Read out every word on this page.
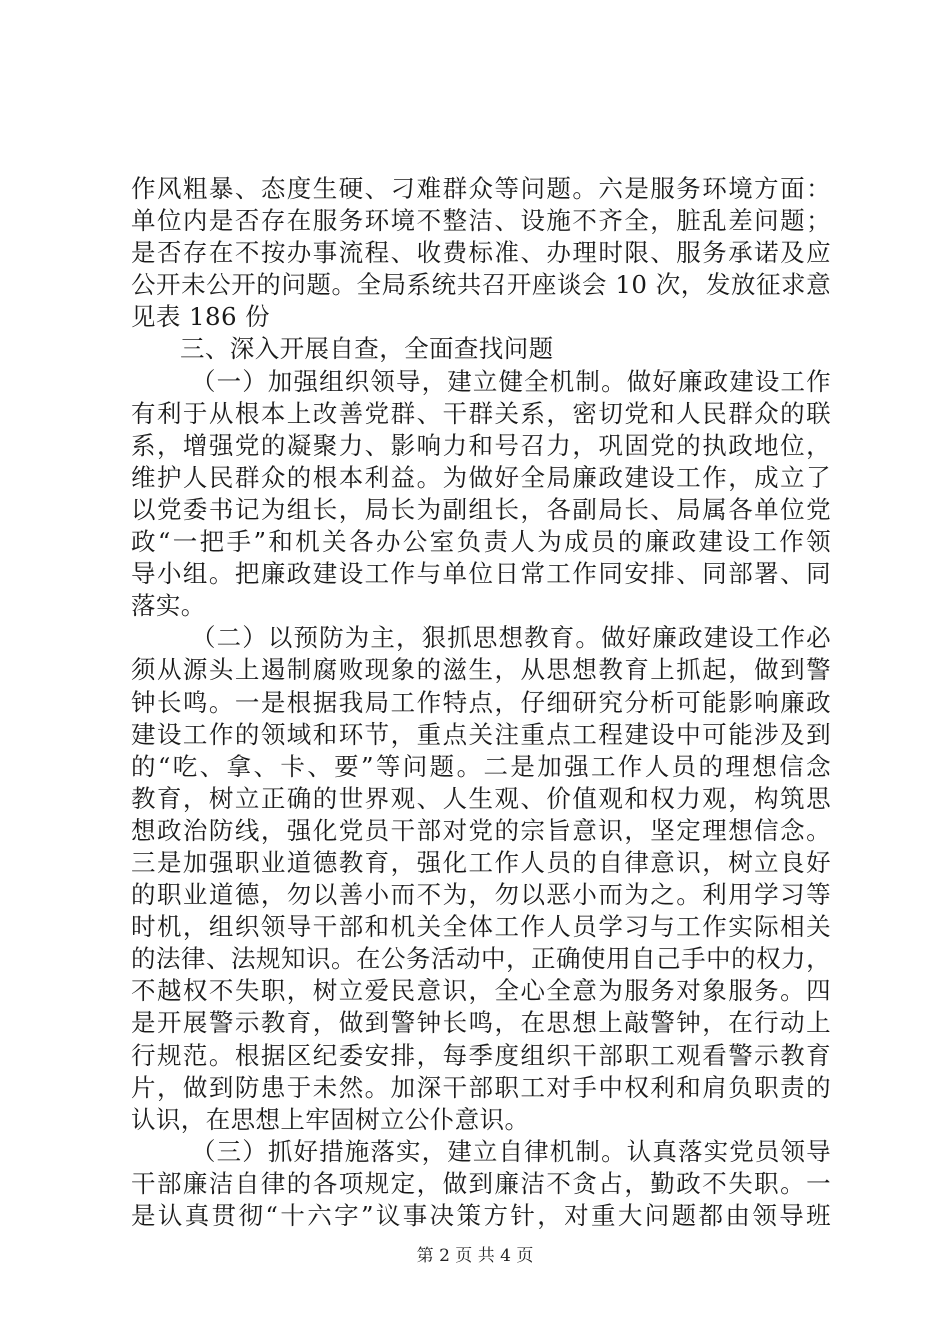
作风粗暴、态度生硬、刁难群众等问题。六是服务环境方面：
单位内是否存在服务环境不整洁、设施不齐全，脏乱差问题；
是否存在不按办事流程、收费标准、办理时限、服务承诺及应
公开未公开的问题。全局系统共召开座谈会 10 次，发放征求意
见表 186 份
三、深入开展自查，全面查找问题
（一）加强组织领导，建立健全机制。做好廉政建设工作
有利于从根本上改善党群、干群关系，密切党和人民群众的联
系，增强党的凝聚力、影响力和号召力，巩固党的执政地位，
维护人民群众的根本利益。为做好全局廉政建设工作，成立了
以党委书记为组长，局长为副组长，各副局长、局属各单位党
政“一把手”和机关各办公室负责人为成员的廉政建设工作领
导小组。把廉政建设工作与单位日常工作同安排、同部署、同
落实。
（二）以预防为主，狠抓思想教育。做好廉政建设工作必
须从源头上遏制腐败现象的滋生，从思想教育上抓起，做到警
钟长鸣。一是根据我局工作特点，仔细研究分析可能影响廉政
建设工作的领域和环节，重点关注重点工程建设中可能涉及到
的“吃、拿、卡、要”等问题。二是加强工作人员的理想信念
教育，树立正确的世界观、人生观、价值观和权力观，构筑思
想政治防线，强化党员干部对党的宗旨意识，坚定理想信念。
三是加强职业道德教育，强化工作人员的自律意识，树立良好
的职业道德，勿以善小而不为，勿以恶小而为之。利用学习等
时机，组织领导干部和机关全体工作人员学习与工作实际相关
的法律、法规知识。在公务活动中，正确使用自己手中的权力，
不越权不失职，树立爱民意识，全心全意为服务对象服务。四
是开展警示教育，做到警钟长鸣，在思想上敲警钟，在行动上
行规范。根据区纪委安排，每季度组织干部职工观看警示教育
片，做到防患于未然。加深干部职工对手中权利和肩负职责的
认识，在思想上牢固树立公仆意识。
（三）抓好措施落实，建立自律机制。认真落实党员领导
干部廉洁自律的各项规定，做到廉洁不贪占，勤政不失职。一
是认真贯彻“十六字”议事决策方针，对重大问题都由领导班
第 2 页 共 4 页
